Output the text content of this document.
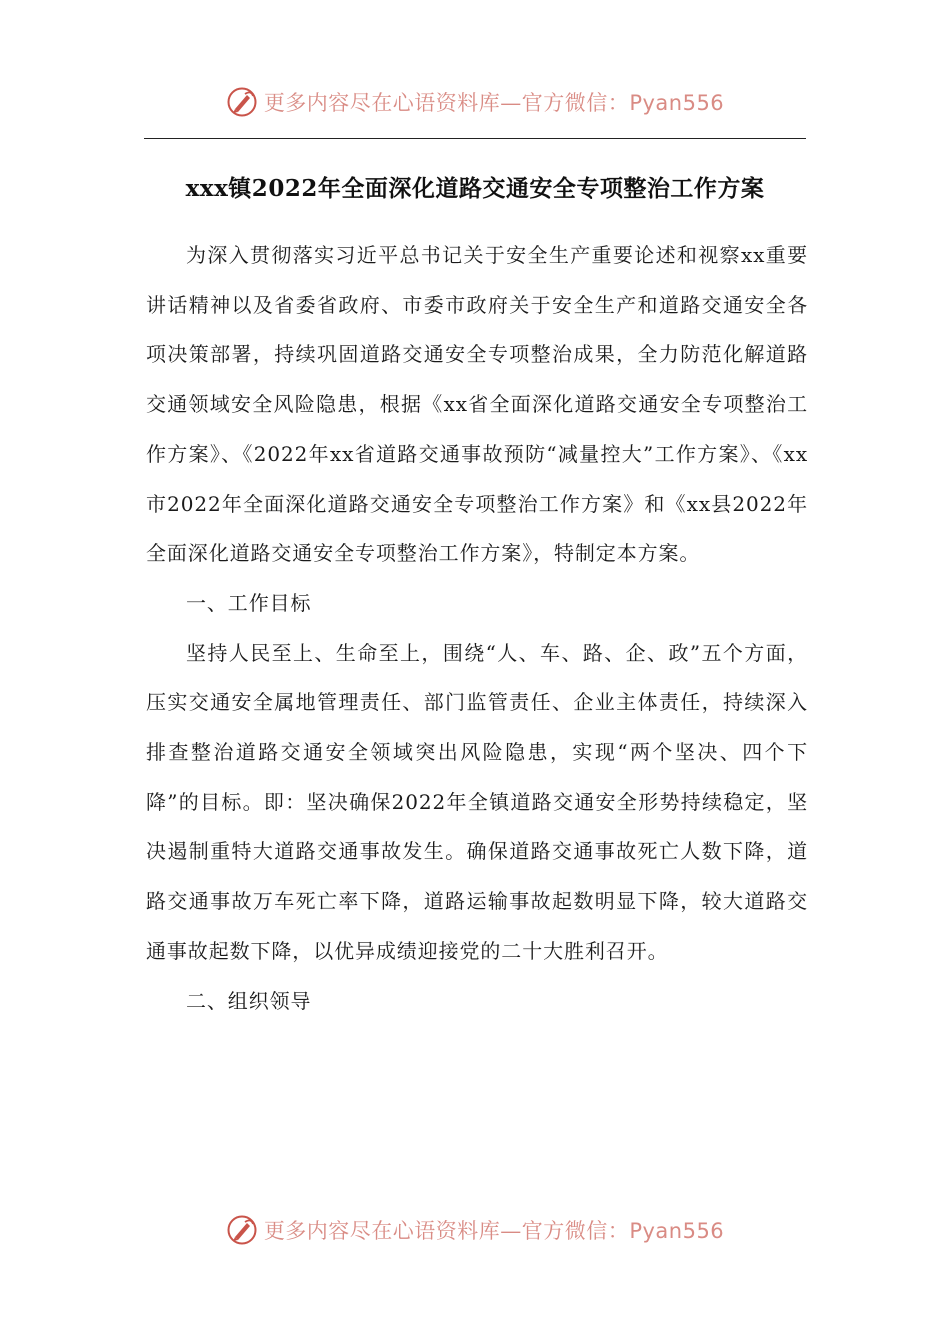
更多内容尽在心语资料库—官方微信：Pyan556
xxx镇2022年全面深化道路交通安全专项整治工作方案

为深入贯彻落实习近平总书记关于安全生产重要论述和视察xx重要讲话精神以及省委省政府、市委市政府关于安全生产和道路交通安全各项决策部署，持续巩固道路交通安全专项整治成果，全力防范化解道路交通领域安全风险隐患，根据《xx省全面深化道路交通安全专项整治工作方案》、《2022年xx省道路交通事故预防“减量控大”工作方案》、《xx市2022年全面深化道路交通安全专项整治工作方案》和《xx县2022年全面深化道路交通安全专项整治工作方案》，特制定本方案。

一、工作目标

坚持人民至上、生命至上，围绕“人、车、路、企、政”五个方面，压实交通安全属地管理责任、部门监管责任、企业主体责任，持续深入排查整治道路交通安全领域突出风险隐患，实现“两个坚决、四个下降”的目标。即：坚决确保2022年全镇道路交通安全形势持续稳定，坚决遏制重特大道路交通事故发生。确保道路交通事故死亡人数下降，道路交通事故万车死亡率下降，道路运输事故起数明显下降，较大道路交通事故起数下降，以优异成绩迎接党的二十大胜利召开。

二、组织领导

更多内容尽在心语资料库—官方微信：Pyan556
